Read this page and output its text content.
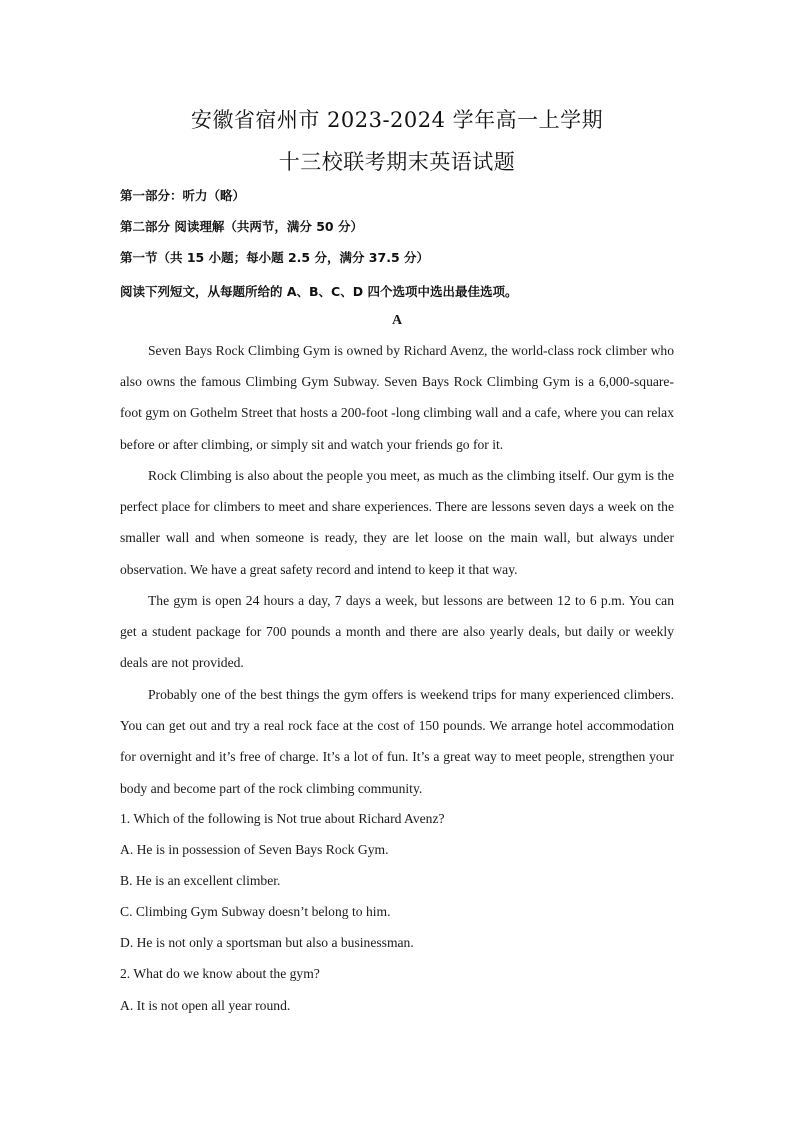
安徽省宿州市 2023-2024 学年高一上学期
十三校联考期末英语试题
第一部分：听力（略）
第二部分 阅读理解（共两节，满分 50 分）
第一节（共 15 小题；每小题 2.5 分，满分 37.5 分）
阅读下列短文，从每题所给的 A、B、C、D 四个选项中选出最佳选项。
A

Seven Bays Rock Climbing Gym is owned by Richard Avenz, the world-class rock climber who also owns the famous Climbing Gym Subway. Seven Bays Rock Climbing Gym is a 6,000-square-foot gym on Gothelm Street that hosts a 200-foot -long climbing wall and a cafe, where you can relax before or after climbing, or simply sit and watch your friends go for it.

Rock Climbing is also about the people you meet, as much as the climbing itself. Our gym is the perfect place for climbers to meet and share experiences. There are lessons seven days a week on the smaller wall and when someone is ready, they are let loose on the main wall, but always under observation. We have a great safety record and intend to keep it that way.

The gym is open 24 hours a day, 7 days a week, but lessons are between 12 to 6 p.m. You can get a student package for 700 pounds a month and there are also yearly deals, but daily or weekly deals are not provided.

Probably one of the best things the gym offers is weekend trips for many experienced climbers. You can get out and try a real rock face at the cost of 150 pounds. We arrange hotel accommodation for overnight and it’s free of charge. It’s a lot of fun. It’s a great way to meet people, strengthen your body and become part of the rock climbing community.

1. Which of the following is Not true about Richard Avenz?
A. He is in possession of Seven Bays Rock Gym.
B. He is an excellent climber.
C. Climbing Gym Subway doesn’t belong to him.
D. He is not only a sportsman but also a businessman.
2. What do we know about the gym?
A. It is not open all year round.
